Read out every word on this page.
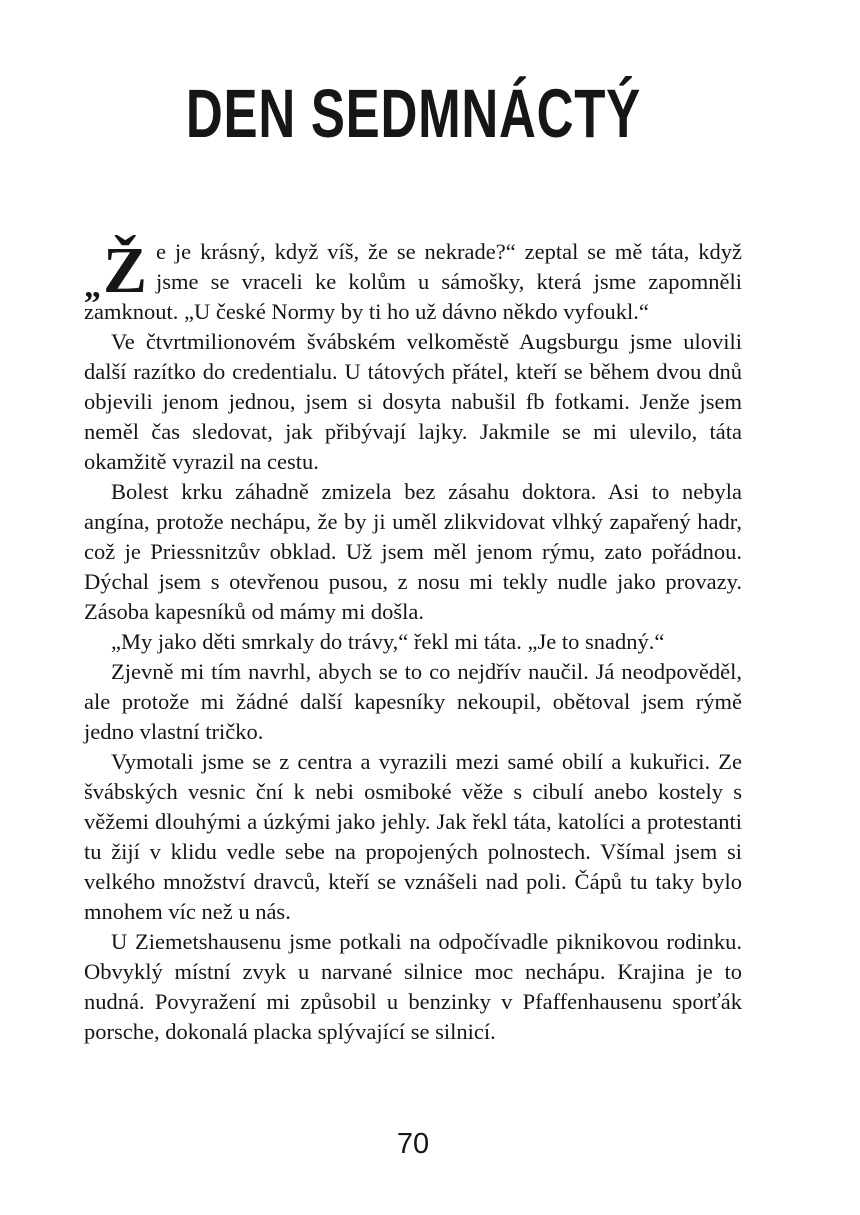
DEN SEDMNÁCTÝ

„ Ž e je krásný, když víš, že se nekrade?“ zeptal se mě táta, když jsme se vraceli ke kolům u sámošky, která jsme zapomněli zamknout. „U české Normy by ti ho už dávno někdo vyfoukl.“

Ve čtvrtmilionovém švábském velkoměstě Augsburgu jsme ulovili další razítko do credentialu. U tátových přátel, kteří se během dvou dnů objevili jenom jednou, jsem si dosyta nabušil fb fotkami. Jenže jsem neměl čas sledovat, jak přibývají lajky. Jakmile se mi ulevilo, táta okamžitě vyrazil na cestu.

Bolest krku záhadně zmizela bez zásahu doktora. Asi to nebyla angína, protože nechápu, že by ji uměl zlikvidovat vlhký zapařený hadr, což je Priessnitzův obklad. Už jsem měl jenom rýmu, zato pořádnou. Dýchal jsem s otevřenou pusou, z nosu mi tekly nudle jako provazy. Zásoba kapesníků od mámy mi došla.

„My jako děti smrkaly do trávy,“ řekl mi táta. „Je to snadný.“

Zjevně mi tím navrhl, abych se to co nejdřív naučil. Já neodpověděl, ale protože mi žádné další kapesníky nekoupil, obětoval jsem rýmě jedno vlastní tričko.

Vymotali jsme se z centra a vyrazili mezi samé obilí a kukuřici. Ze švábských vesnic ční k nebi osmiboké věže s cibulí anebo kostely s věžemi dlouhými a úzkými jako jehly. Jak řekl táta, katolíci a protestanti tu žijí v klidu vedle sebe na propojených polnostech. Všímal jsem si velkého množství dravců, kteří se vznášeli nad poli. Čápů tu taky bylo mnohem víc než u nás.

U Ziemetshausenu jsme potkali na odpočívadle piknikovou rodinku. Obvyklý místní zvyk u narvané silnice moc nechápu. Krajina je to nudná. Povyražení mi způsobil u benzinky v Pfaffenhausenu sporťák porsche, dokonalá placka splývající se silnicí.

70
